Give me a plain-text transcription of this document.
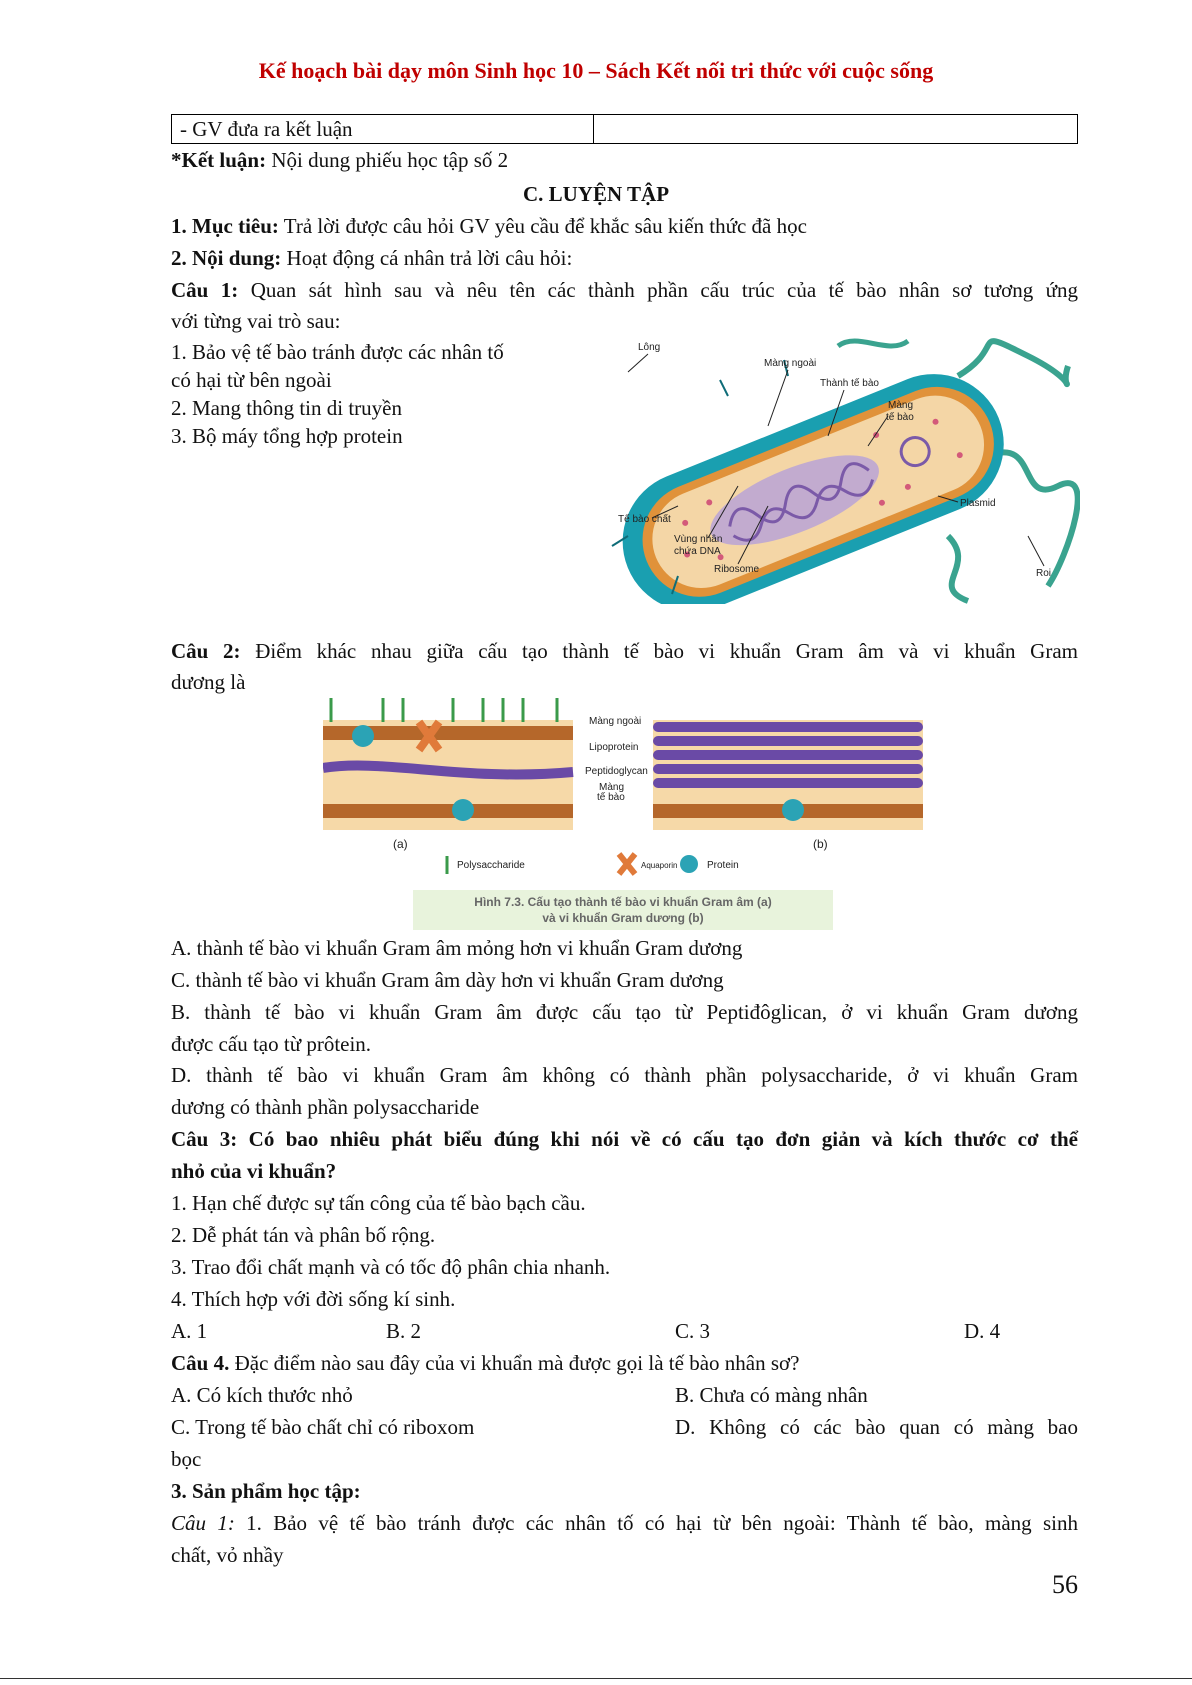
Kế hoạch bài dạy môn Sinh học 10 – Sách Kết nối tri thức với cuộc sống
- GV đưa ra kết luận	
*Kết luận: Nội dung phiếu học tập số 2
C. LUYỆN TẬP
1. Mục tiêu: Trả lời được câu hỏi GV yêu cầu để khắc sâu kiến thức đã học
2. Nội dung: Hoạt động cá nhân trả lời câu hỏi:
Câu 1: Quan sát hình sau và nêu tên các thành phần cấu trúc của tế bào nhân sơ tương ứng
với từng vai trò sau:
1. Bảo vệ tế bào tránh được các nhân tố
có hại từ bên ngoài
2. Mang thông tin di truyền
3. Bộ máy tổng hợp protein
Lông
Màng ngoài
Thành tế bào
Màng
tế bào
Plasmid
Tế bào chất
Vùng nhân
chứa DNA
Ribosome	Roi
Câu 2: Điểm khác nhau giữa cấu tạo thành tế bào vi khuẩn Gram âm và vi khuẩn Gram
dương là
Màng ngoài
Lipoprotein
Peptidoglycan
Màng
tế bào
(a)	(b)
Polysaccharide	Aquaporin	Protein
Hình 7.3. Cấu tạo thành tế bào vi khuẩn Gram âm (a)
và vi khuẩn Gram dương (b)
A. thành tế bào vi khuẩn Gram âm mỏng hơn vi khuẩn Gram dương
C. thành tế bào vi khuẩn Gram âm dày hơn vi khuẩn Gram dương
B. thành tế bào vi khuẩn Gram âm được cấu tạo từ Peptiđôglican, ở vi khuẩn Gram dương
được cấu tạo từ prôtein.
D. thành tế bào vi khuẩn Gram âm không có thành phần polysaccharide, ở vi khuẩn Gram
dương có thành phần polysaccharide
Câu 3: Có bao nhiêu phát biểu đúng khi nói về có cấu tạo đơn giản và kích thước cơ thể
nhỏ của vi khuẩn?
1. Hạn chế được sự tấn công của tế bào bạch cầu.
2. Dễ phát tán và phân bố rộng.
3. Trao đổi chất mạnh và có tốc độ phân chia nhanh.
4. Thích hợp với đời sống kí sinh.
A. 1	B. 2	C. 3	D. 4
Câu 4. Đặc điểm nào sau đây của vi khuẩn mà được gọi là tế bào nhân sơ?
A. Có kích thước nhỏ	B. Chưa có màng nhân
C. Trong tế bào chất chỉ có riboxom	D. Không có các bào quan có màng bao
bọc
3. Sản phẩm học tập:
Câu 1: 1. Bảo vệ tế bào tránh được các nhân tố có hại từ bên ngoài: Thành tế bào, màng sinh
chất, vỏ nhầy
56
